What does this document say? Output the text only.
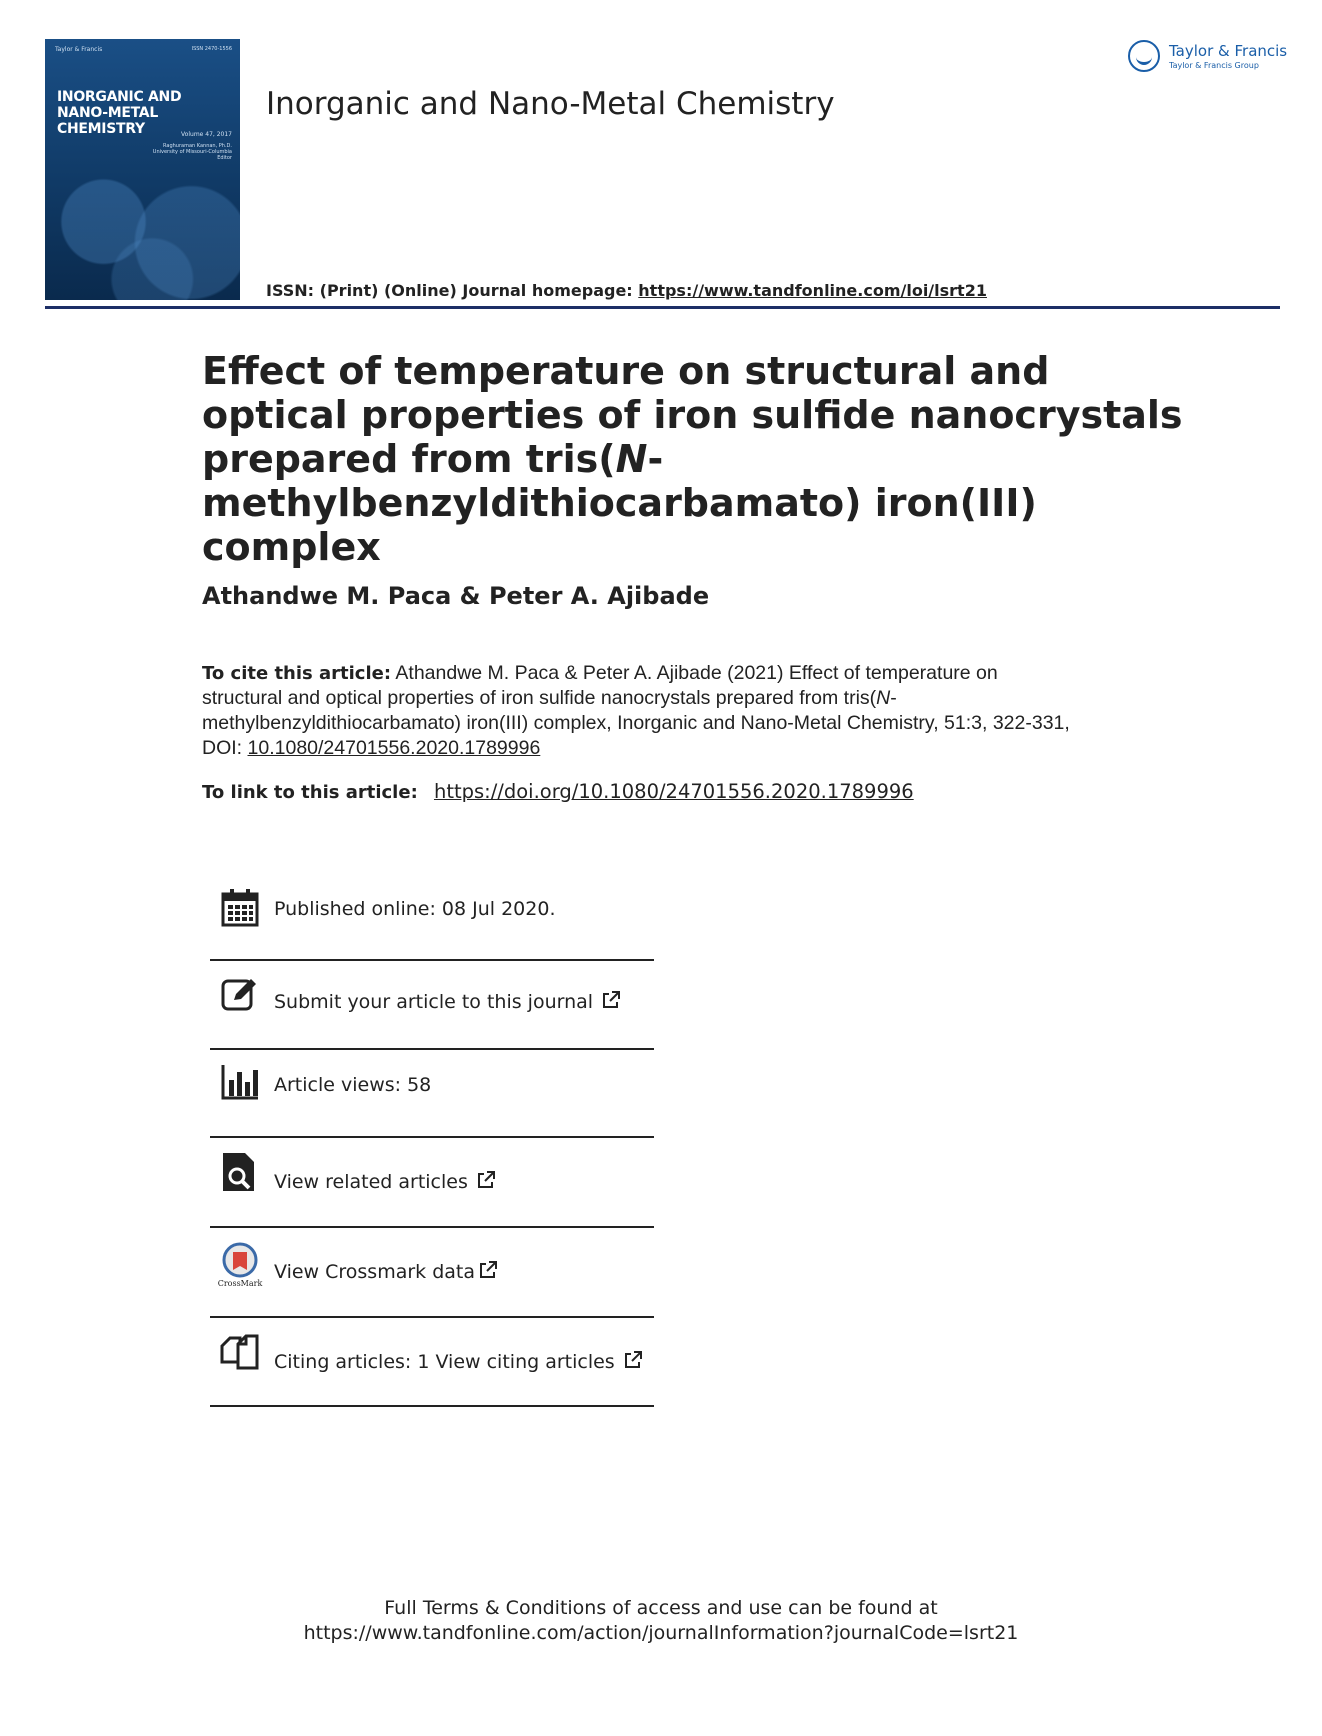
Taylor & Francis	ISSN 2470-1556
INORGANIC AND
NANO-METAL CHEMISTRY	Volume 47, 2017
Raghuraman Kannan, Ph.D.
University of Missouri-Columbia
Editor
Inorganic and Nano-Metal Chemistry
Taylor & Francis
Taylor & Francis Group
ISSN: (Print) (Online) Journal homepage: https://www.tandfonline.com/loi/lsrt21
Effect of temperature on structural and optical properties of iron sulfide nanocrystals prepared from tris(N-methylbenzyldithiocarbamato) iron(III) complex
Athandwe M. Paca & Peter A. Ajibade
To cite this article: Athandwe M. Paca & Peter A. Ajibade (2021) Effect of temperature on structural and optical properties of iron sulfide nanocrystals prepared from tris(N-methylbenzyldithiocarbamato) iron(III) complex, Inorganic and Nano-Metal Chemistry, 51:3, 322-331, DOI: 10.1080/24701556.2020.1789996
To link to this article: https://doi.org/10.1080/24701556.2020.1789996
Published online: 08 Jul 2020.
Submit your article to this journal
Article views: 58
View related articles
CrossMark
View Crossmark data
Citing articles: 1 View citing articles
Full Terms & Conditions of access and use can be found at
https://www.tandfonline.com/action/journalInformation?journalCode=lsrt21
